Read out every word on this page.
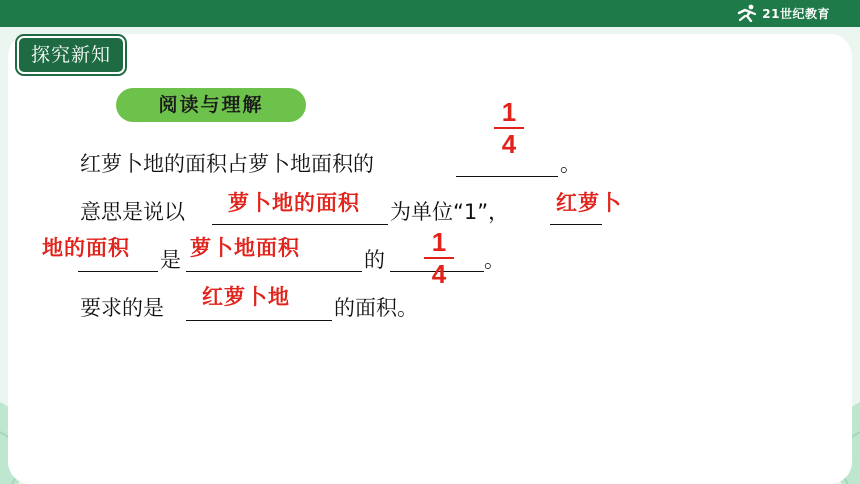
21世纪教育
探究新知
阅读与理解
红萝卜地的面积占萝卜地面积的	。
1
4
意思是说以 萝卜地的面积 为单位“1”， 红萝卜
地的面积 是 萝卜地面积	的
1
4	。
要求的是 红萝卜地 的面积。
